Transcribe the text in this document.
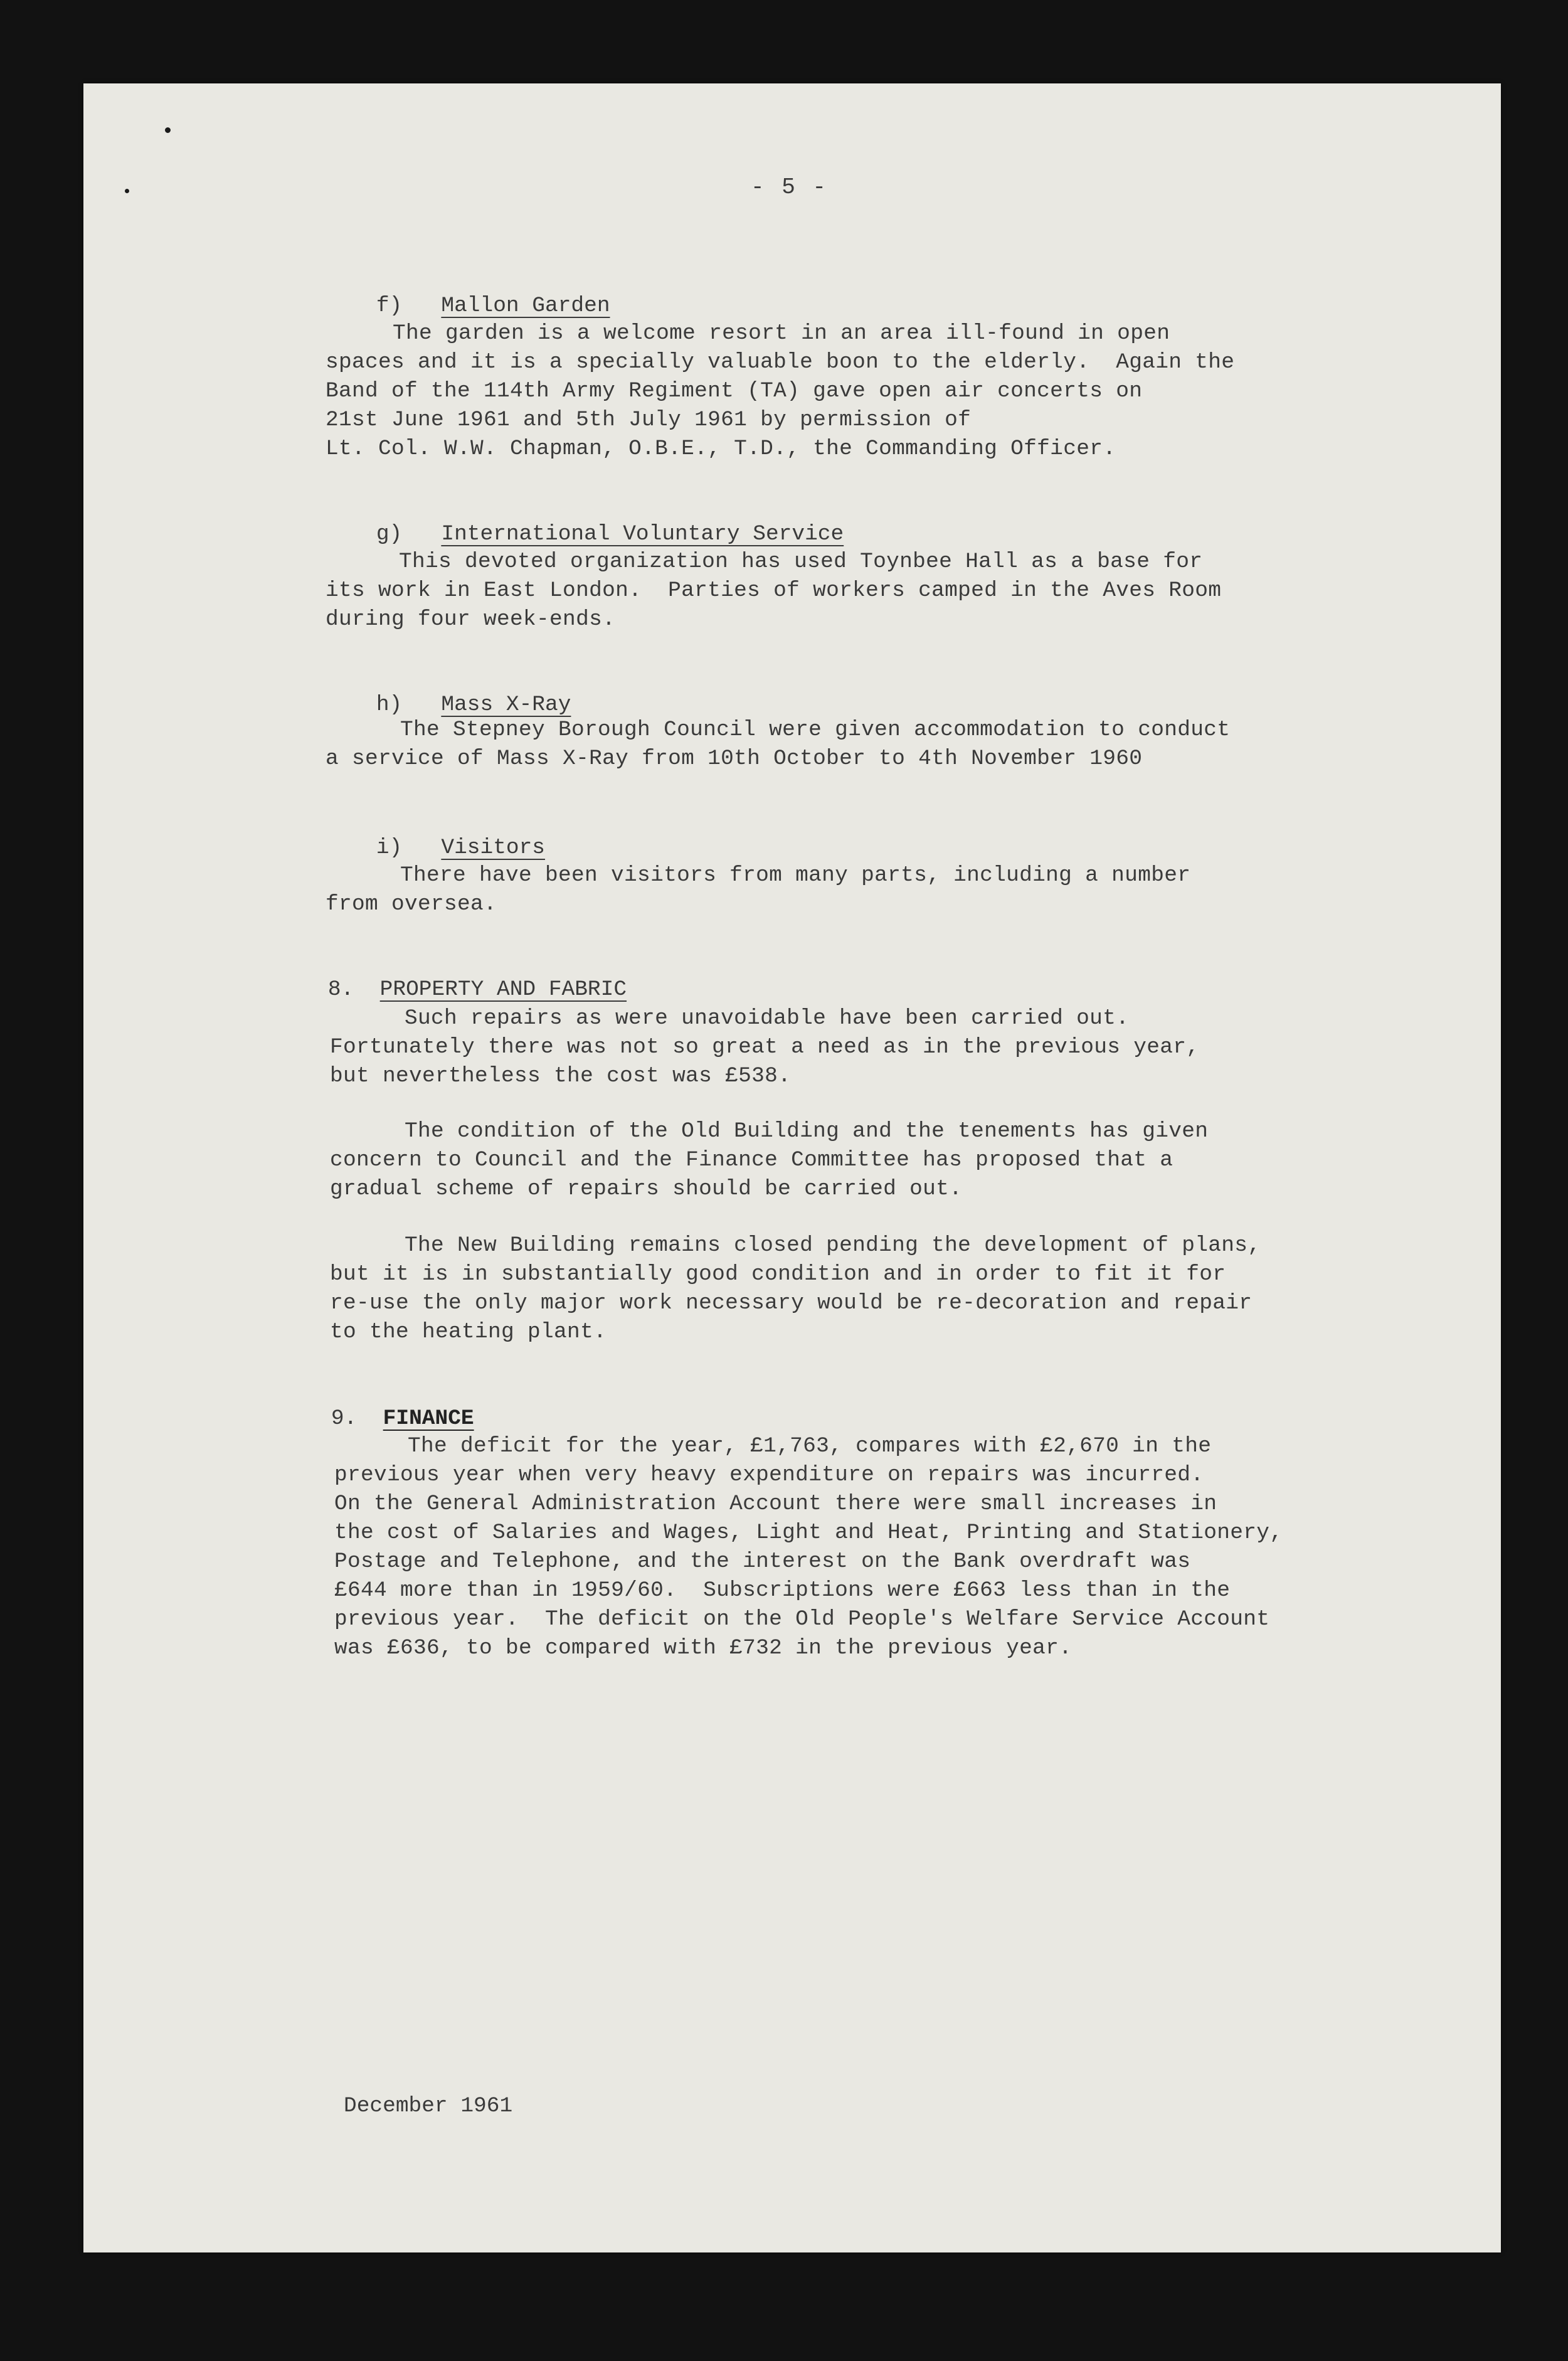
- 5 -

f) Mallon Garden

The garden is a welcome resort in an area ill-found in open
spaces and it is a specially valuable boon to the elderly.  Again the
Band of the 114th Army Regiment (TA) gave open air concerts on
21st June 1961 and 5th July 1961 by permission of
Lt. Col. W.W. Chapman, O.B.E., T.D., the Commanding Officer.

g) International Voluntary Service

This devoted organization has used Toynbee Hall as a base for
its work in East London.  Parties of workers camped in the Aves Room
during four week-ends.

h) Mass X-Ray

The Stepney Borough Council were given accommodation to conduct
a service of Mass X-Ray from 10th October to 4th November 1960

i) Visitors

There have been visitors from many parts, including a number
from oversea.

8. PROPERTY AND FABRIC

Such repairs as were unavoidable have been carried out.
Fortunately there was not so great a need as in the previous year,
but nevertheless the cost was £538.
The condition of the Old Building and the tenements has given
concern to Council and the Finance Committee has proposed that a
gradual scheme of repairs should be carried out.
The New Building remains closed pending the development of plans,
but it is in substantially good condition and in order to fit it for
re-use the only major work necessary would be re-decoration and repair
to the heating plant.

9. FINANCE

The deficit for the year, £1,763, compares with £2,670 in the
previous year when very heavy expenditure on repairs was incurred.
On the General Administration Account there were small increases in
the cost of Salaries and Wages, Light and Heat, Printing and Stationery,
Postage and Telephone, and the interest on the Bank overdraft was
£644 more than in 1959/60.  Subscriptions were £663 less than in the
previous year.  The deficit on the Old People's Welfare Service Account
was £636, to be compared with £732 in the previous year.
December 1961
